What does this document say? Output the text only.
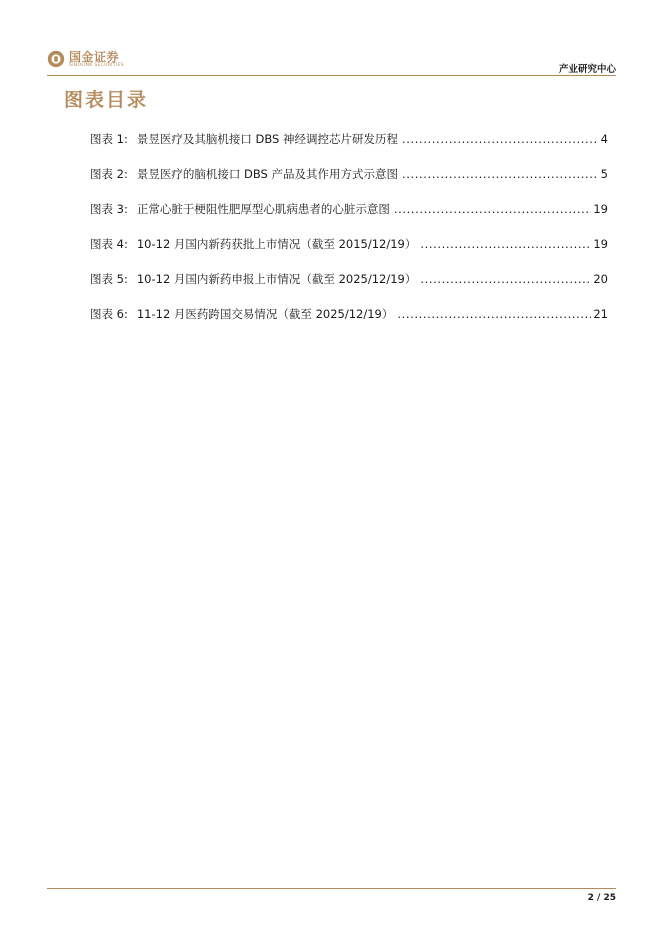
国金证券
SINOLINK SECURITIES	产业研究中心
图表目录
图表 1: 景昱医疗及其脑机接口 DBS 神经调控芯片研发历程 .....	4
图表 2: 景昱医疗的脑机接口 DBS 产品及其作用方式示意图 .....	5
图表 3: 正常心脏于梗阻性肥厚型心肌病患者的心脏示意图 .....	19
图表 4: 10-12 月国内新药获批上市情况（截至 2015/12/19） .....	19
图表 5: 10-12 月国内新药申报上市情况（截至 2025/12/19） .....	20
图表 6: 11-12 月医药跨国交易情况（截至 2025/12/19） .....	21
2 / 25
